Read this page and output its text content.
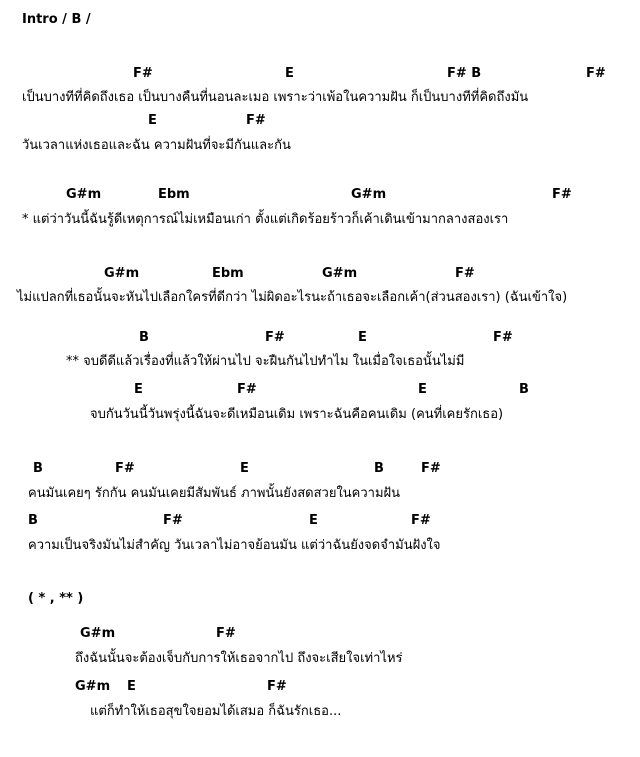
Intro / B /
F#	E	F# B	F#
เป็นบางทีที่คิดถึงเธอ เป็นบางคืนที่นอนละเมอ เพราะว่าเพ้อในความฝัน ก็เป็นบางทีที่คิดถึงมัน
E	F#
วันเวลาแห่งเธอและฉัน ความฝันที่จะมีกันและกัน
G#m	Ebm	G#m	F#
* แต่ว่าวันนี้ฉันรู้ดีเหตุการณ์ไม่เหมือนเก่า ตั้งแต่เกิดร้อยร้าวก็เค้าเดินเข้ามากลางสองเรา
G#m	Ebm	G#m	F#
ไม่แปลกที่เธอนั้นจะหันไปเลือกใครที่ดีกว่า ไม่ผิดอะไรนะถ้าเธอจะเลือกเค้า(ส่วนสองเรา) (ฉันเข้าใจ)
B	F#	E	F#
** จบดีดีแล้วเรื่องที่แล้วให้ผ่านไป จะฝืนกันไปทำไม ในเมื่อใจเธอนั้นไม่มี
E	F#	E	B
จบกันวันนี้วันพรุ่งนี้ฉันจะดีเหมือนเดิม เพราะฉันคือคนเดิม (คนที่เคยรักเธอ)
B	F#	E	B	F#
คนมันเคยๆ รักกัน คนมันเคยมีสัมพันธ์ ภาพนั้นยังสดสวยในความฝัน
B	F#	E	F#
ความเป็นจริงมันไม่สำคัญ วันเวลาไม่อาจย้อนมัน แต่ว่าฉันยังจดจำมันฝังใจ
( * , ** )
G#m	F#
ถึงฉันนั้นจะต้องเจ็บกับการให้เธอจากไป ถึงจะเสียใจเท่าไหร่
G#m E	F#
แต่ก็ทำให้เธอสุขใจยอมได้เสมอ ก็ฉันรักเธอ...
